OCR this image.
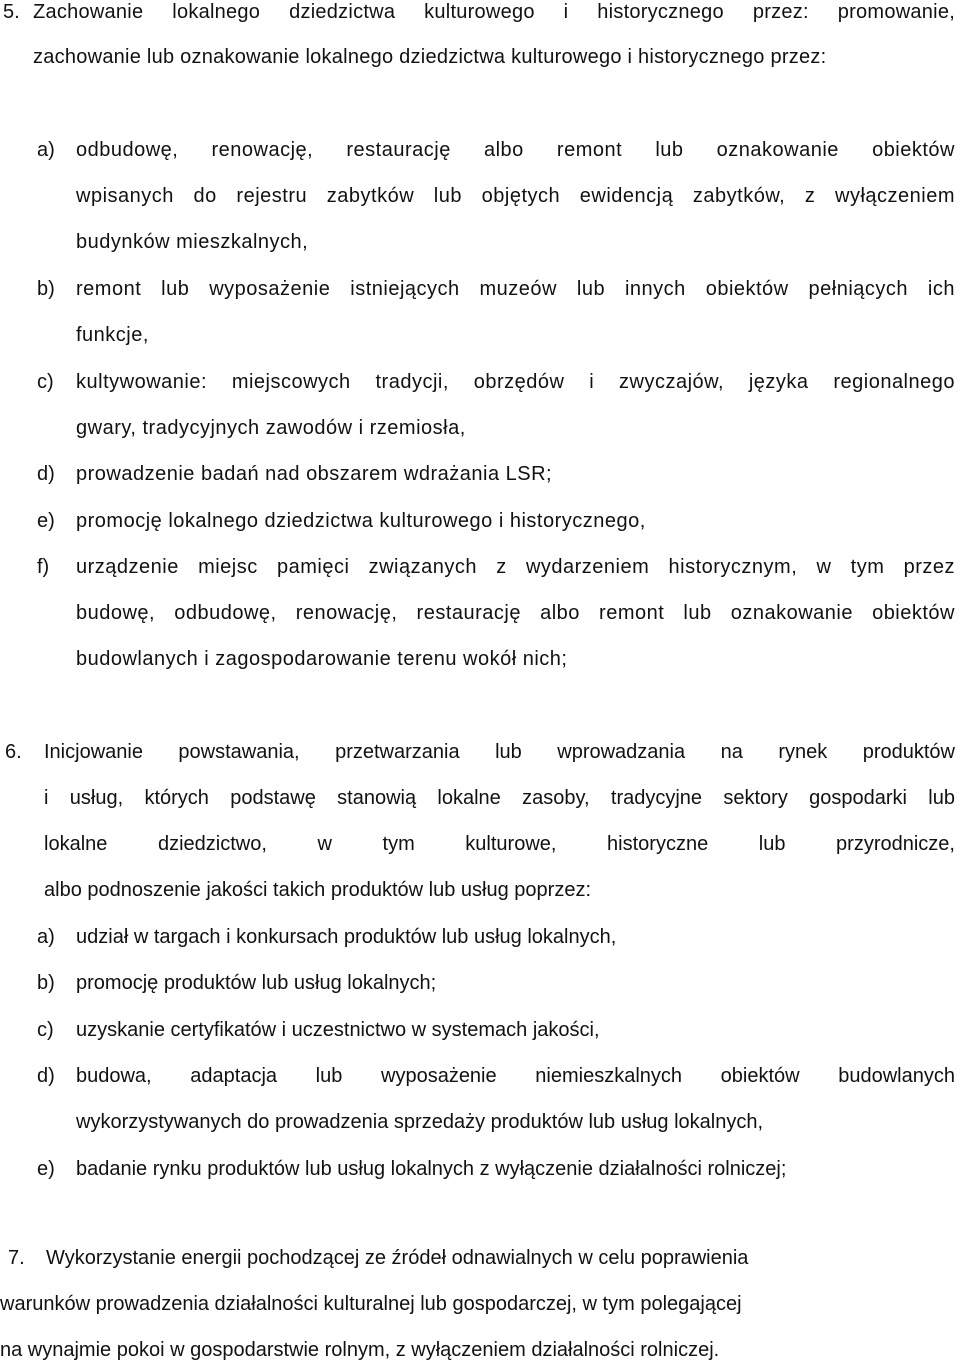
5. Zachowanie lokalnego dziedzictwa kulturowego i historycznego przez: promowanie,
zachowanie lub oznakowanie lokalnego dziedzictwa kulturowego i historycznego przez:
a) odbudowę, renowację, restaurację albo remont lub oznakowanie obiektów
wpisanych do rejestru zabytków lub objętych ewidencją zabytków, z wyłączeniem
budynków mieszkalnych,
b) remont lub wyposażenie istniejących muzeów lub innych obiektów pełniących ich
funkcje,
c) kultywowanie: miejscowych tradycji, obrzędów i zwyczajów, języka regionalnego
gwary, tradycyjnych zawodów i rzemiosła,
d) prowadzenie badań nad obszarem wdrażania LSR;
e) promocję lokalnego dziedzictwa kulturowego i historycznego,
f) urządzenie miejsc pamięci związanych z wydarzeniem historycznym, w tym przez
budowę, odbudowę, renowację, restaurację albo remont lub oznakowanie obiektów
budowlanych i zagospodarowanie terenu wokół nich;
6. Inicjowanie powstawania, przetwarzania lub wprowadzania na rynek produktów
i usług, których podstawę stanowią lokalne zasoby, tradycyjne sektory gospodarki lub
lokalne dziedzictwo, w tym kulturowe, historyczne lub przyrodnicze,
albo podnoszenie jakości takich produktów lub usług poprzez:
a) udział w targach i konkursach produktów lub usług lokalnych,
b) promocję produktów lub usług lokalnych;
c) uzyskanie certyfikatów i uczestnictwo w systemach jakości,
d) budowa, adaptacja lub wyposażenie niemieszkalnych obiektów budowlanych
wykorzystywanych do prowadzenia sprzedaży produktów lub usług lokalnych,
e) badanie rynku produktów lub usług lokalnych z wyłączenie działalności rolniczej;
7. Wykorzystanie energii pochodzącej ze źródeł odnawialnych w celu poprawienia
warunków prowadzenia działalności kulturalnej lub gospodarczej, w tym polegającej
na wynajmie pokoi w gospodarstwie rolnym, z wyłączeniem działalności rolniczej.
